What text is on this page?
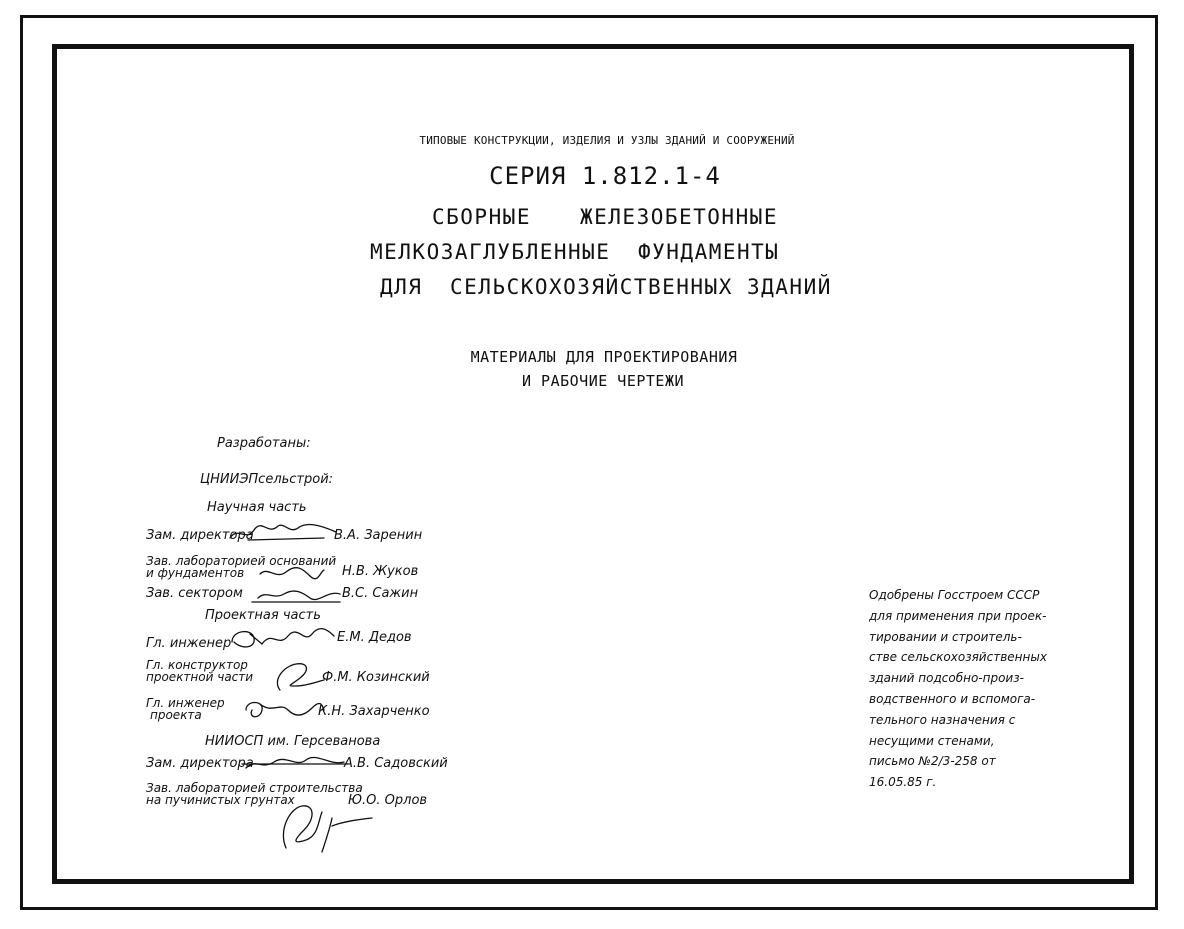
ТИПОВЫЕ КОНСТРУКЦИИ, ИЗДЕЛИЯ И УЗЛЫ ЗДАНИЙ И СООРУЖЕНИЙ
СЕРИЯ 1.812.1-4
СБОРНЫЕ ЖЕЛЕЗОБЕТОННЫЕ
МЕЛКОЗАГЛУБЛЕННЫЕ ФУНДАМЕНТЫ
ДЛЯ СЕЛЬСКОХОЗЯЙСТВЕННЫХ ЗДАНИЙ
МАТЕРИАЛЫ ДЛЯ ПРОЕКТИРОВАНИЯ
И РАБОЧИЕ ЧЕРТЕЖИ
Разработаны:
ЦНИИЭПсельстрой:
Научная часть
Зам. директора	В.А. Заренин
Зав. лабораторией оснований
и фундаментов	Н.В. Жуков
Зав. сектором	В.С. Сажин
Проектная часть
Гл. инженер	Е.М. Дедов
Гл. конструктор
проектной части	Ф.М. Козинский
Гл. инженер
проекта	К.Н. Захарченко
НИИОСП им. Герсеванова
Зам. директора	А.В. Садовский
Зав. лабораторией строительства
на пучинистых грунтах	Ю.О. Орлов
Одобрены Госстроем СССР
для применения при проек-
тировании и строитель-
стве сельскохозяйственных
зданий подсобно-произ-
водственного и вспомога-
тельного назначения с
несущими стенами,
письмо №2/3-258 от
16.05.85 г.
